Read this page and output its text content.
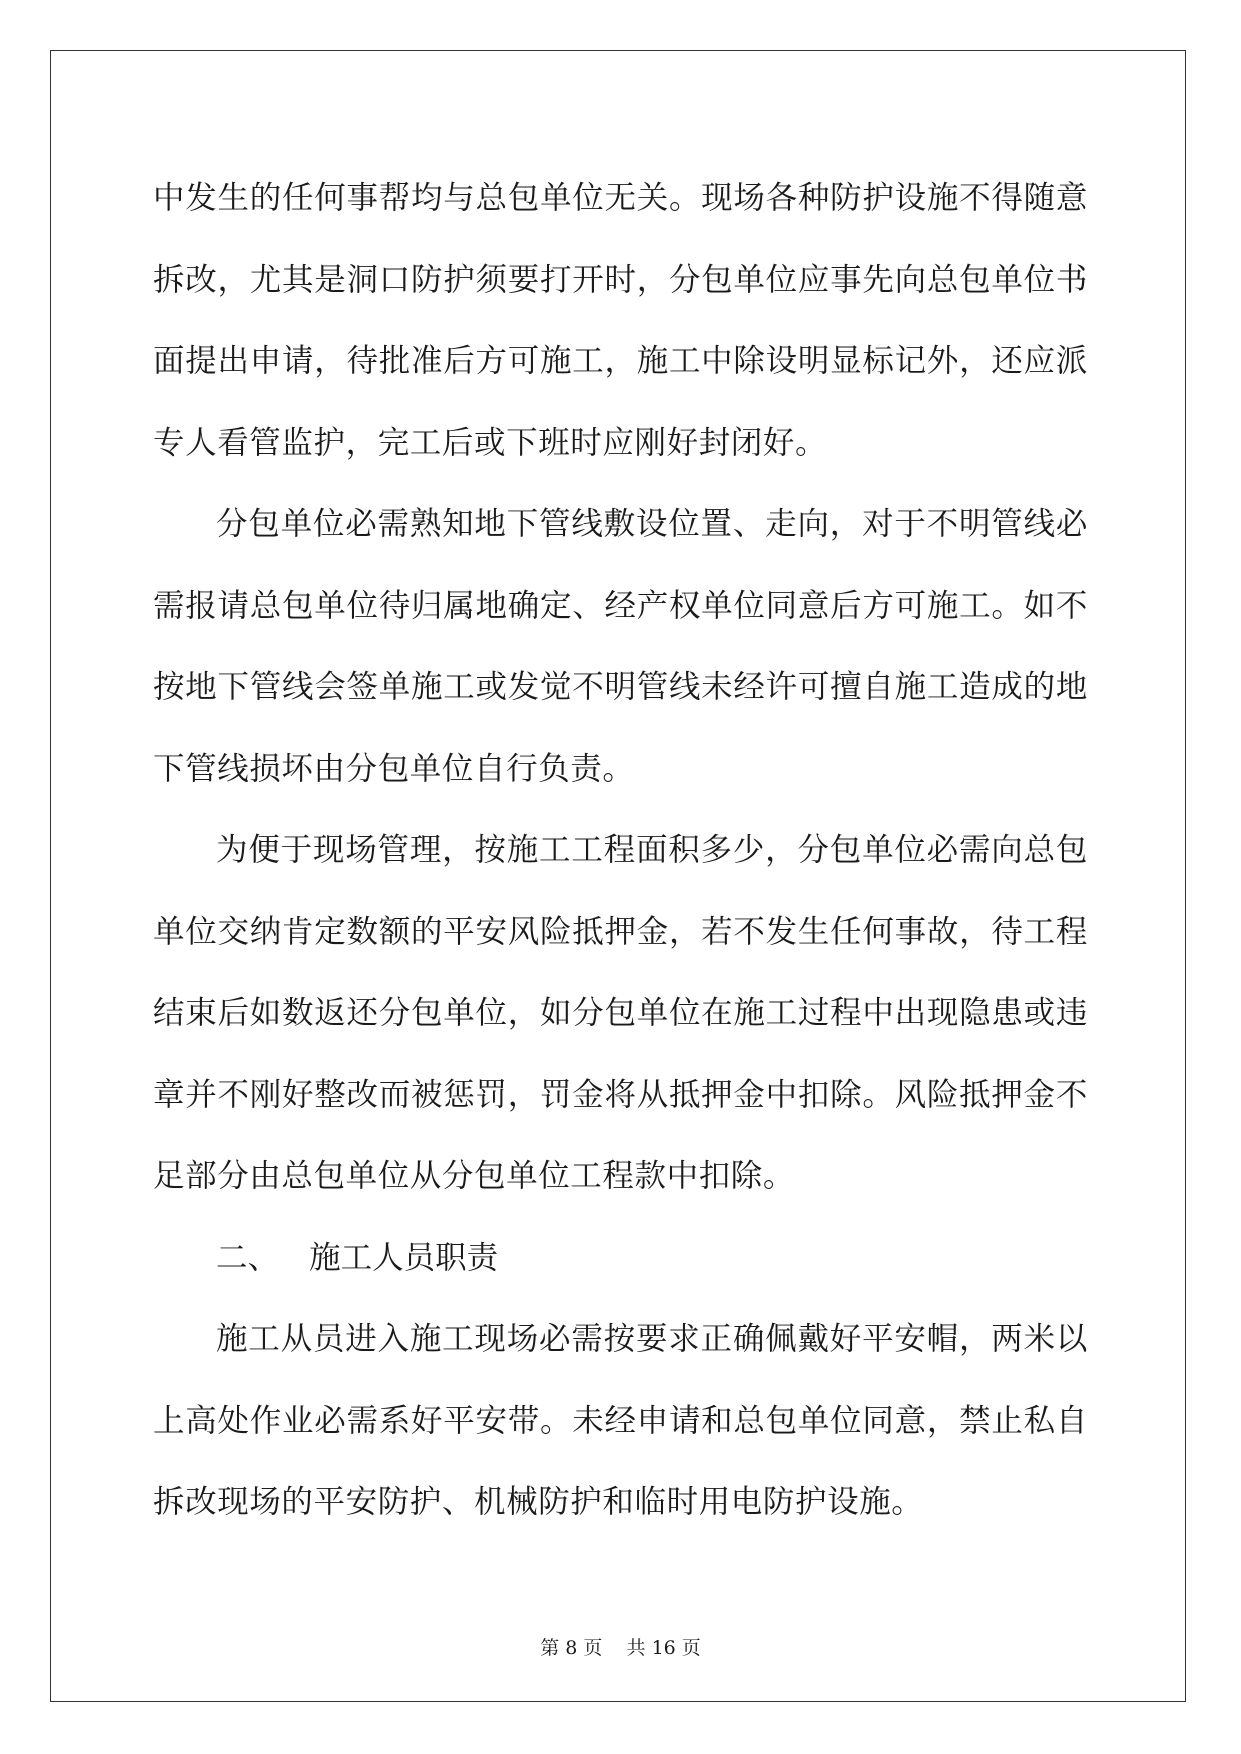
中发生的任何事帮均与总包单位无关。现场各种防护设施不得随意拆改，尤其是洞口防护须要打开时，分包单位应事先向总包单位书面提出申请，待批准后方可施工，施工中除设明显标记外，还应派专人看管监护，完工后或下班时应刚好封闭好。

分包单位必需熟知地下管线敷设位置、走向，对于不明管线必需报请总包单位待归属地确定、经产权单位同意后方可施工。如不按地下管线会签单施工或发觉不明管线未经许可擅自施工造成的地下管线损坏由分包单位自行负责。

为便于现场管理，按施工工程面积多少，分包单位必需向总包单位交纳肯定数额的平安风险抵押金，若不发生任何事故，待工程结束后如数返还分包单位，如分包单位在施工过程中出现隐患或违章并不刚好整改而被惩罚，罚金将从抵押金中扣除。风险抵押金不足部分由总包单位从分包单位工程款中扣除。

二、 施工人员职责

施工从员进入施工现场必需按要求正确佩戴好平安帽，两米以上高处作业必需系好平安带。未经申请和总包单位同意，禁止私自拆改现场的平安防护、机械防护和临时用电防护设施。

第 8 页 共 16 页
